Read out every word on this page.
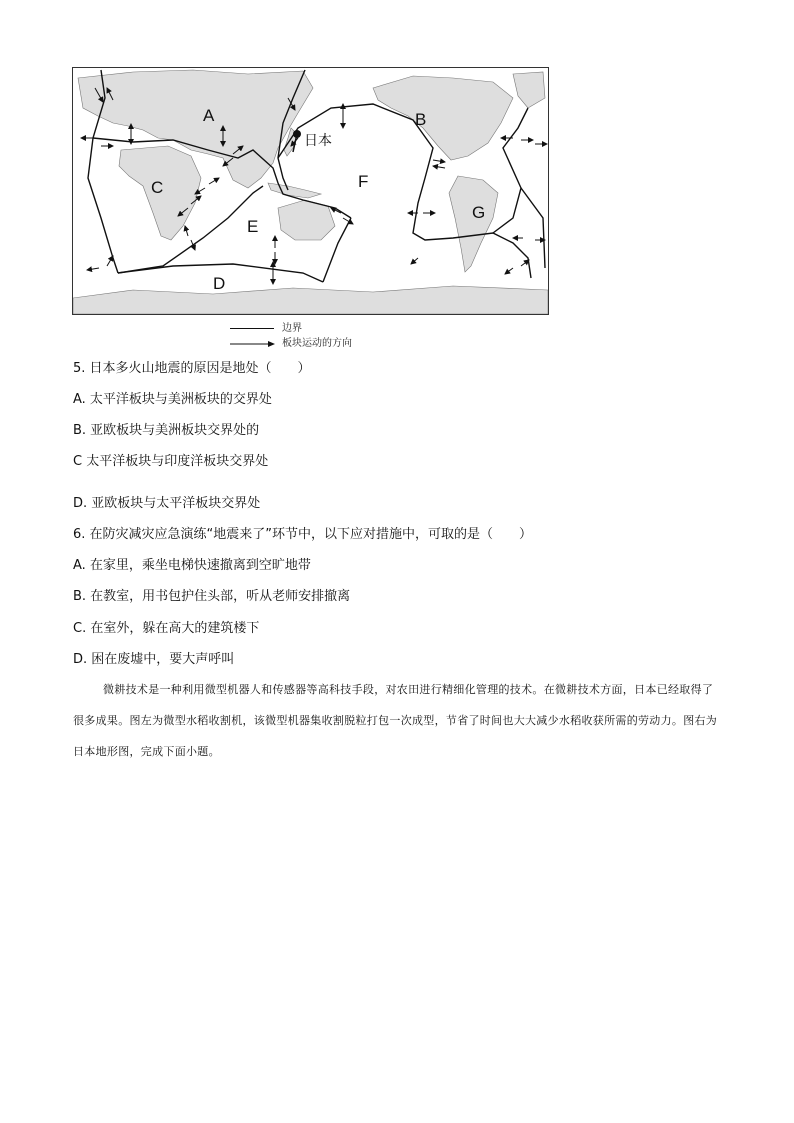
A	B
C
D
E
F
G
日本
边界
板块运动的方向
5. 日本多火山地震的原因是地处（　　）
A. 太平洋板块与美洲板块的交界处
B. 亚欧板块与美洲板块交界处的
C 太平洋板块与印度洋板块交界处
D. 亚欧板块与太平洋板块交界处
6. 在防灾减灾应急演练“地震来了”环节中，以下应对措施中，可取的是（　　）
A. 在家里，乘坐电梯快速撤离到空旷地带
B. 在教室，用书包护住头部，听从老师安排撤离
C. 在室外，躲在高大的建筑楼下
D. 困在废墟中，要大声呼叫

微耕技术是一种利用微型机器人和传感器等高科技手段，对农田进行精细化管理的技术。在微耕技术方面，日本已经取得了很多成果。图左为微型水稻收割机，该微型机器集收割脱粒打包一次成型，节省了时间也大大减少水稻收获所需的劳动力。图右为日本地形图，完成下面小题。
